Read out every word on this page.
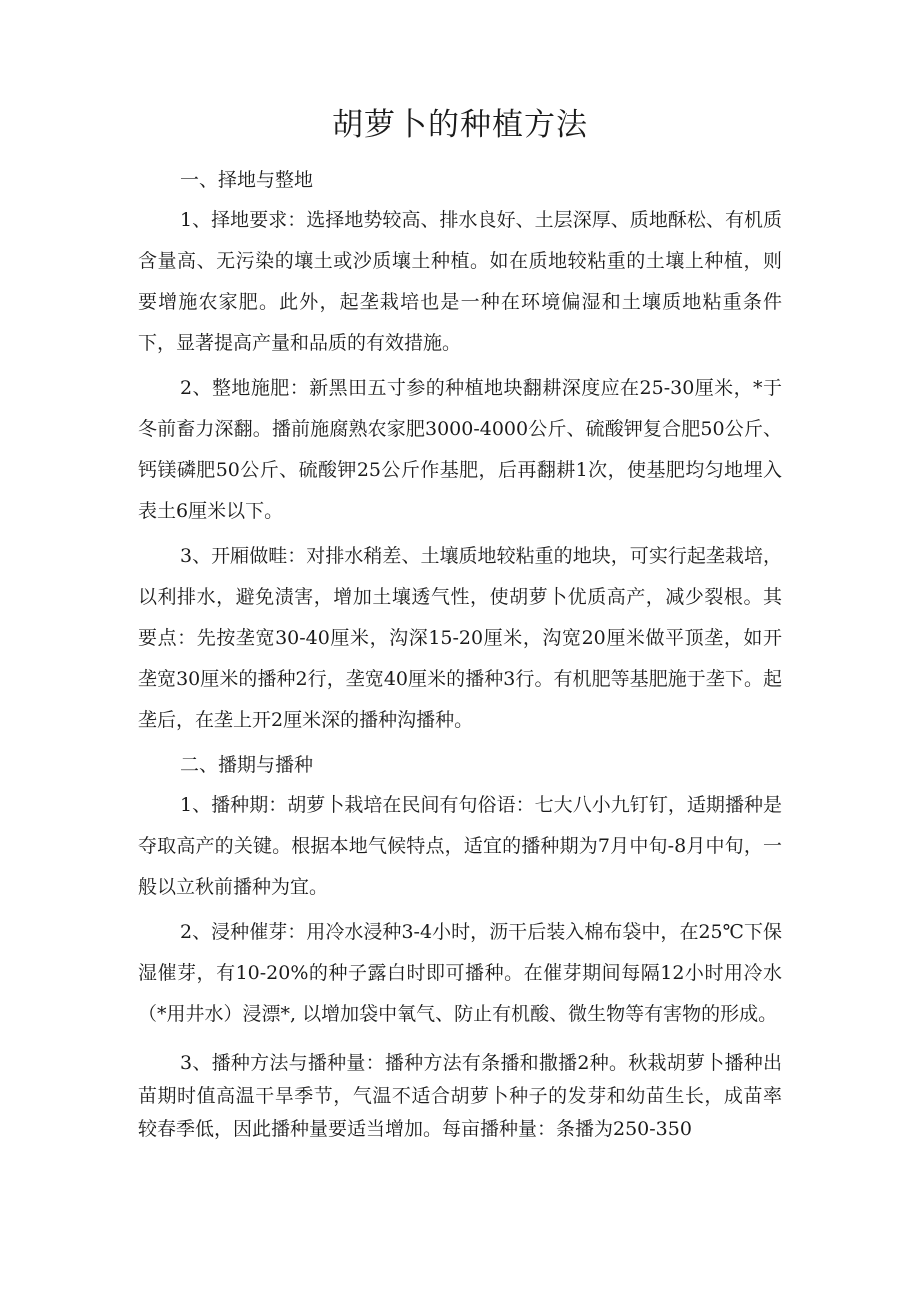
胡萝卜的种植方法
一、择地与整地

1、择地要求：选择地势较高、排水良好、土层深厚、质地酥松、有机质含量高、无污染的壤土或沙质壤土种植。如在质地较粘重的土壤上种植，则要增施农家肥。此外，起垄栽培也是一种在环境偏湿和土壤质地粘重条件下，显著提高产量和品质的有效措施。

2、整地施肥：新黑田五寸参的种植地块翻耕深度应在25-30厘米，*于冬前畜力深翻。播前施腐熟农家肥3000-4000公斤、硫酸钾复合肥50公斤、钙镁磷肥50公斤、硫酸钾25公斤作基肥，后再翻耕1次，使基肥均匀地埋入表土6厘米以下。

3、开厢做畦：对排水稍差、土壤质地较粘重的地块，可实行起垄栽培，以利排水，避免渍害，增加土壤透气性，使胡萝卜优质高产，减少裂根。其要点：先按垄宽30-40厘米，沟深15-20厘米，沟宽20厘米做平顶垄，如开垄宽30厘米的播种2行，垄宽40厘米的播种3行。有机肥等基肥施于垄下。起垄后，在垄上开2厘米深的播种沟播种。

二、播期与播种

1、播种期：胡萝卜栽培在民间有句俗语：七大八小九钉钉，适期播种是夺取高产的关键。根据本地气候特点，适宜的播种期为7月中旬-8月中旬，一般以立秋前播种为宜。

2、浸种催芽：用冷水浸种3-4小时，沥干后装入棉布袋中，在25℃下保湿催芽，有10-20%的种子露白时即可播种。在催芽期间每隔12小时用冷水（*用井水）浸漂*, 以增加袋中氧气、防止有机酸、微生物等有害物的形成。

3、播种方法与播种量：播种方法有条播和撒播2种。秋栽胡萝卜播种出苗期时值高温干旱季节，气温不适合胡萝卜种子的发芽和幼苗生长，成苗率较春季低，因此播种量要适当增加。每亩播种量：条播为250-350
